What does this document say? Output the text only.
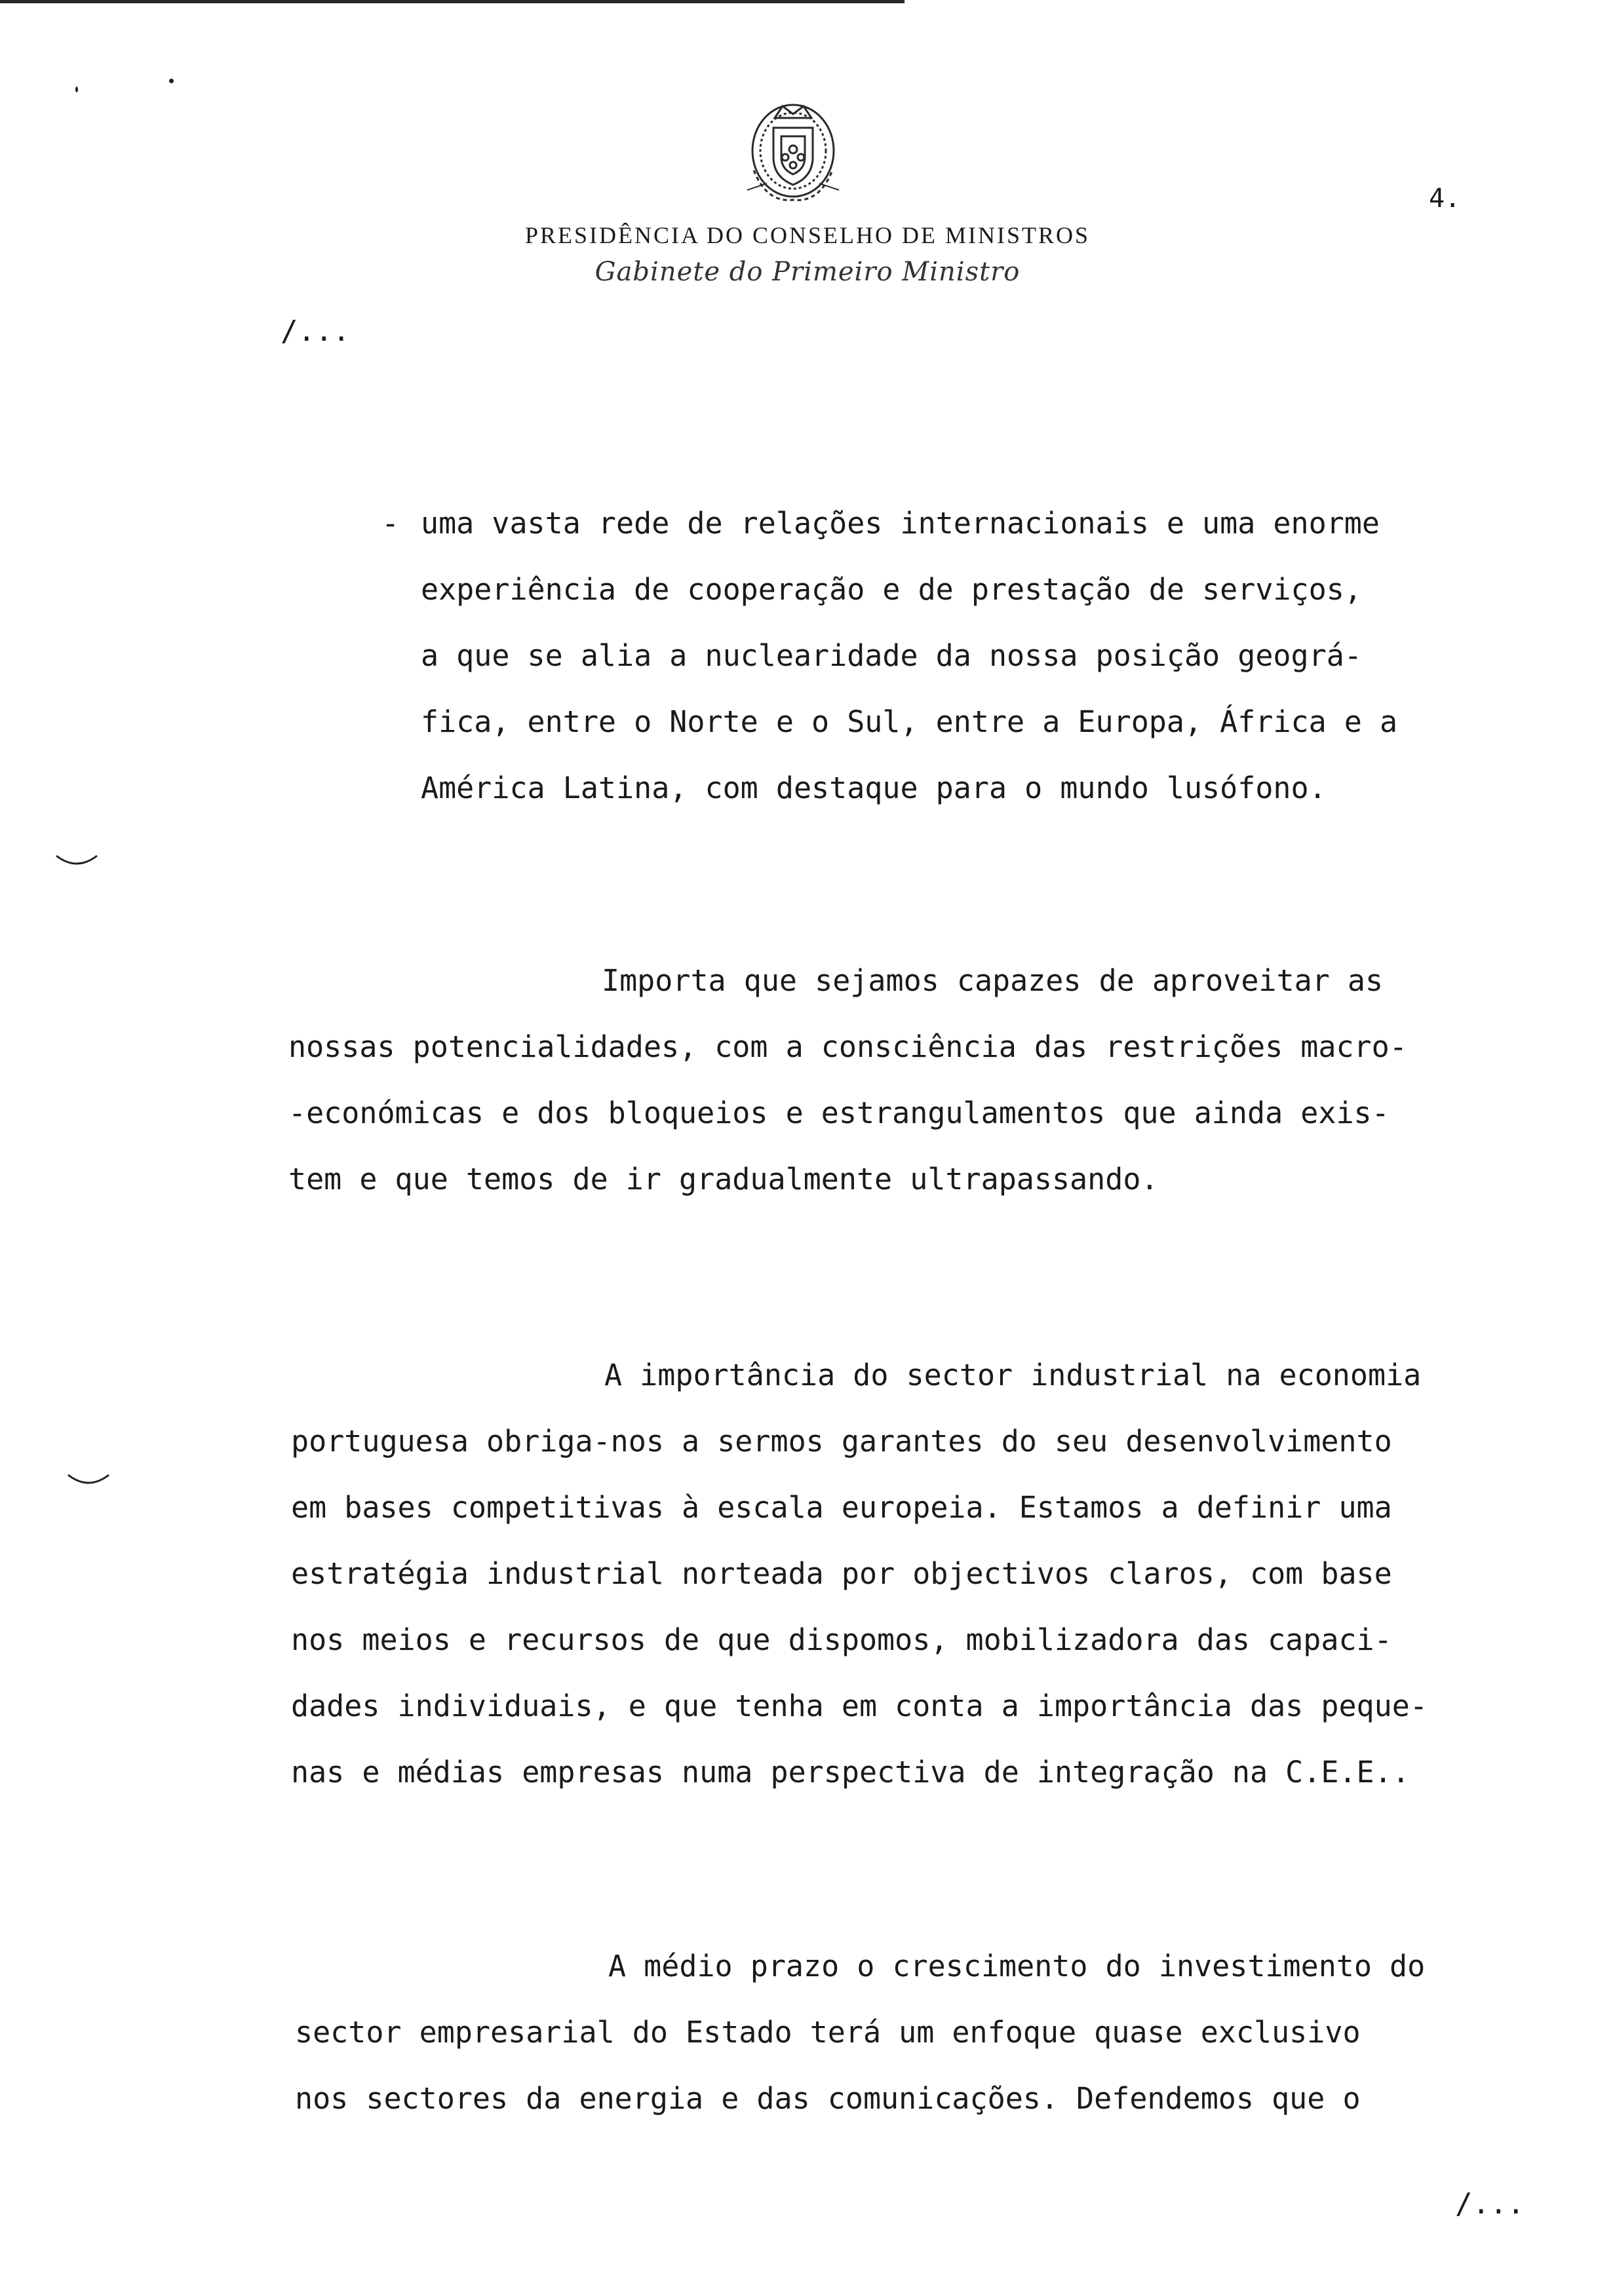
4.
PRESIDÊNCIA DO CONSELHO DE MINISTROS
Gabinete do Primeiro Ministro
/...
- uma vasta rede de relações internacionais e uma enorme
experiência de cooperação e de prestação de serviços,
a que se alia a nuclearidade da nossa posição geográ-
fica, entre o Norte e o Sul, entre a Europa, África e a
América Latina, com destaque para o mundo lusófono.
Importa que sejamos capazes de aproveitar as
nossas potencialidades, com a consciência das restrições macro-
-económicas e dos bloqueios e estrangulamentos que ainda exis-
tem e que temos de ir gradualmente ultrapassando.
A importância do sector industrial na economia
portuguesa obriga-nos a sermos garantes do seu desenvolvimento
em bases competitivas à escala europeia. Estamos a definir uma
estratégia industrial norteada por objectivos claros, com base
nos meios e recursos de que dispomos, mobilizadora das capaci-
dades individuais, e que tenha em conta a importância das peque-
nas e médias empresas numa perspectiva de integração na C.E.E..
A médio prazo o crescimento do investimento do
sector empresarial do Estado terá um enfoque quase exclusivo
nos sectores da energia e das comunicações. Defendemos que o
/...
